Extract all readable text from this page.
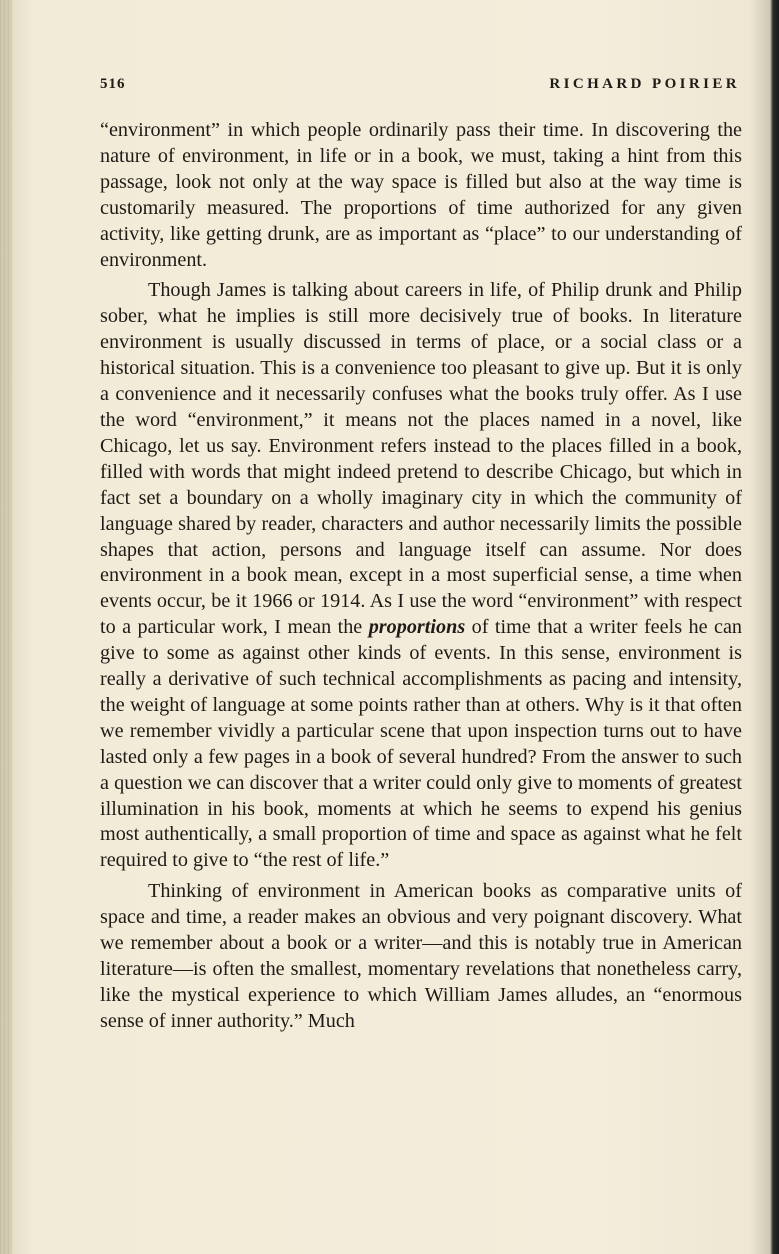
516	RICHARD POIRIER

“environment” in which people ordinarily pass their time. In discovering the nature of environment, in life or in a book, we must, taking a hint from this passage, look not only at the way space is filled but also at the way time is customarily measured. The proportions of time authorized for any given activity, like getting drunk, are as important as “place” to our understanding of environment.

Though James is talking about careers in life, of Philip drunk and Philip sober, what he implies is still more decisively true of books. In literature environment is usually discussed in terms of place, or a social class or a historical situation. This is a convenience too pleasant to give up. But it is only a convenience and it necessarily confuses what the books truly offer. As I use the word “environment,” it means not the places named in a novel, like Chicago, let us say. Environment refers instead to the places filled in a book, filled with words that might indeed pretend to describe Chicago, but which in fact set a boundary on a wholly imaginary city in which the community of language shared by reader, characters and author necessarily limits the possible shapes that action, persons and language itself can assume. Nor does environment in a book mean, except in a most superficial sense, a time when events occur, be it 1966 or 1914. As I use the word “environment” with respect to a particular work, I mean the proportions of time that a writer feels he can give to some as against other kinds of events. In this sense, environment is really a derivative of such technical accomplishments as pacing and intensity, the weight of language at some points rather than at others. Why is it that often we remember vividly a particular scene that upon inspection turns out to have lasted only a few pages in a book of several hundred? From the answer to such a question we can discover that a writer could only give to moments of greatest illumination in his book, moments at which he seems to expend his genius most authentically, a small proportion of time and space as against what he felt required to give to “the rest of life.”

Thinking of environment in American books as comparative units of space and time, a reader makes an obvious and very poignant discovery. What we remember about a book or a writer—and this is notably true in American literature—is often the smallest, momentary revelations that nonetheless carry, like the mystical experience to which William James alludes, an “enormous sense of inner authority.” Much
